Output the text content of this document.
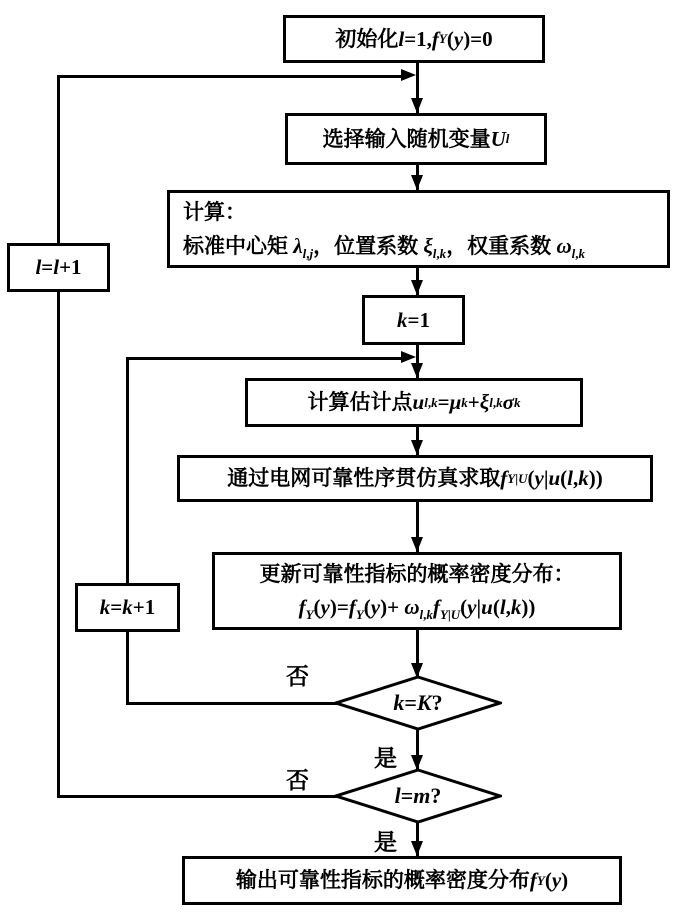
初始化 l =1, f Y ( y )=0
选择输入随机变量 U l
计算：
标准中心矩 $\lambda_{l,j}$，位置系数 $\xi_{l,k}$，权重系数 $\omega_{l,k}$
k =1
计算估计点 u l,k = μ k + ξ l,k σ k
通过电网可靠性序贯仿真求取 f Y|U ( y | u ( l , k ))
更新可靠性指标的概率密度分布：
$f_Y(y)=f_Y(y)+ \omega_{l,k}f_{Y|U}(y|u(l,k))$
输出可靠性指标的概率密度分布 f Y ( y )
l = l +1
k = k +1
k = K ?
l = m ?
否
是
否
是
